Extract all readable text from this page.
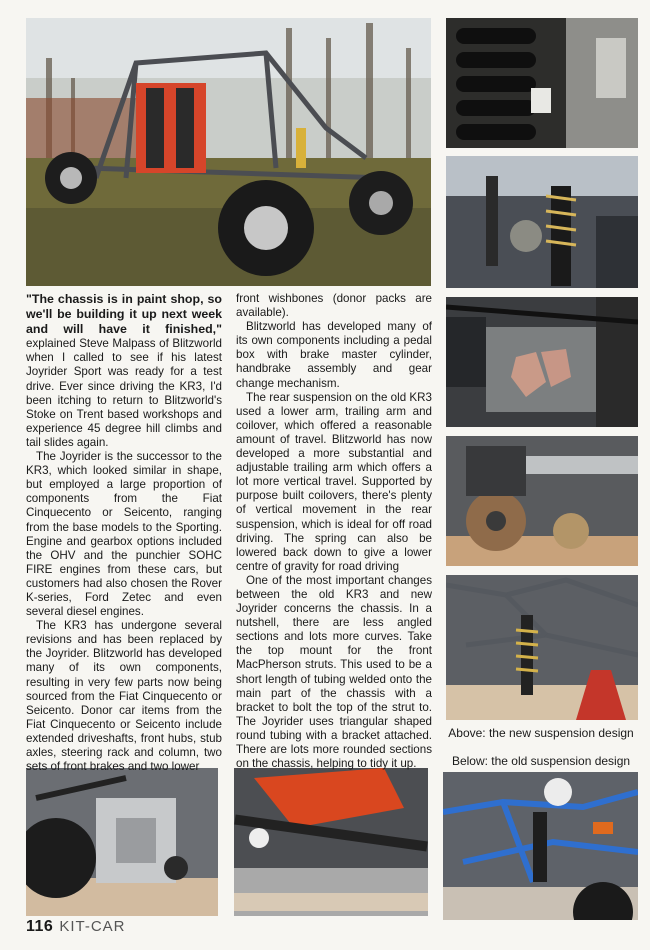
Above: the new suspension design
Below: the old suspension design

"The chassis is in paint shop, so we'll be building it up next week and will have it finished," explained Steve Malpass of Blitzworld when I called to see if his latest Joyrider Sport was ready for a test drive. Ever since driving the KR3, I'd been itching to return to Blitzworld's Stoke on Trent based workshops and experience 45 degree hill climbs and tail slides again.

The Joyrider is the successor to the KR3, which looked similar in shape, but employed a large proportion of components from the Fiat Cinquecento or Seicento, ranging from the base models to the Sporting. Engine and gearbox options included the OHV and the punchier SOHC FIRE engines from these cars, but customers had also chosen the Rover K-series, Ford Zetec and even several diesel engines.

The KR3 has undergone several revisions and has been replaced by the Joyrider. Blitzworld has developed many of its own components, resulting in very few parts now being sourced from the Fiat Cinquecento or Seicento. Donor car items from the Fiat Cinquecento or Seicento include extended driveshafts, front hubs, stub axles, steering rack and column, two sets of front brakes and two lower

front wishbones (donor packs are available).

Blitzworld has developed many of its own components including a pedal box with brake master cylinder, handbrake assembly and gear change mechanism.

The rear suspension on the old KR3 used a lower arm, trailing arm and coilover, which offered a reasonable amount of travel. Blitzworld has now developed a more substantial and adjustable trailing arm which offers a lot more vertical travel. Supported by purpose built coilovers, there's plenty of vertical movement in the rear suspension, which is ideal for off road driving. The spring can also be lowered back down to give a lower centre of gravity for road driving

One of the most important changes between the old KR3 and new Joyrider concerns the chassis. In a nutshell, there are less angled sections and lots more curves. Take the top mount for the front MacPherson struts. This used to be a short length of tubing welded onto the main part of the chassis with a bracket to bolt the top of the strut to. The Joyrider uses triangular shaped round tubing with a bracket attached. There are lots more rounded sections on the chassis, helping to tidy it up.

116 KIT-CAR
